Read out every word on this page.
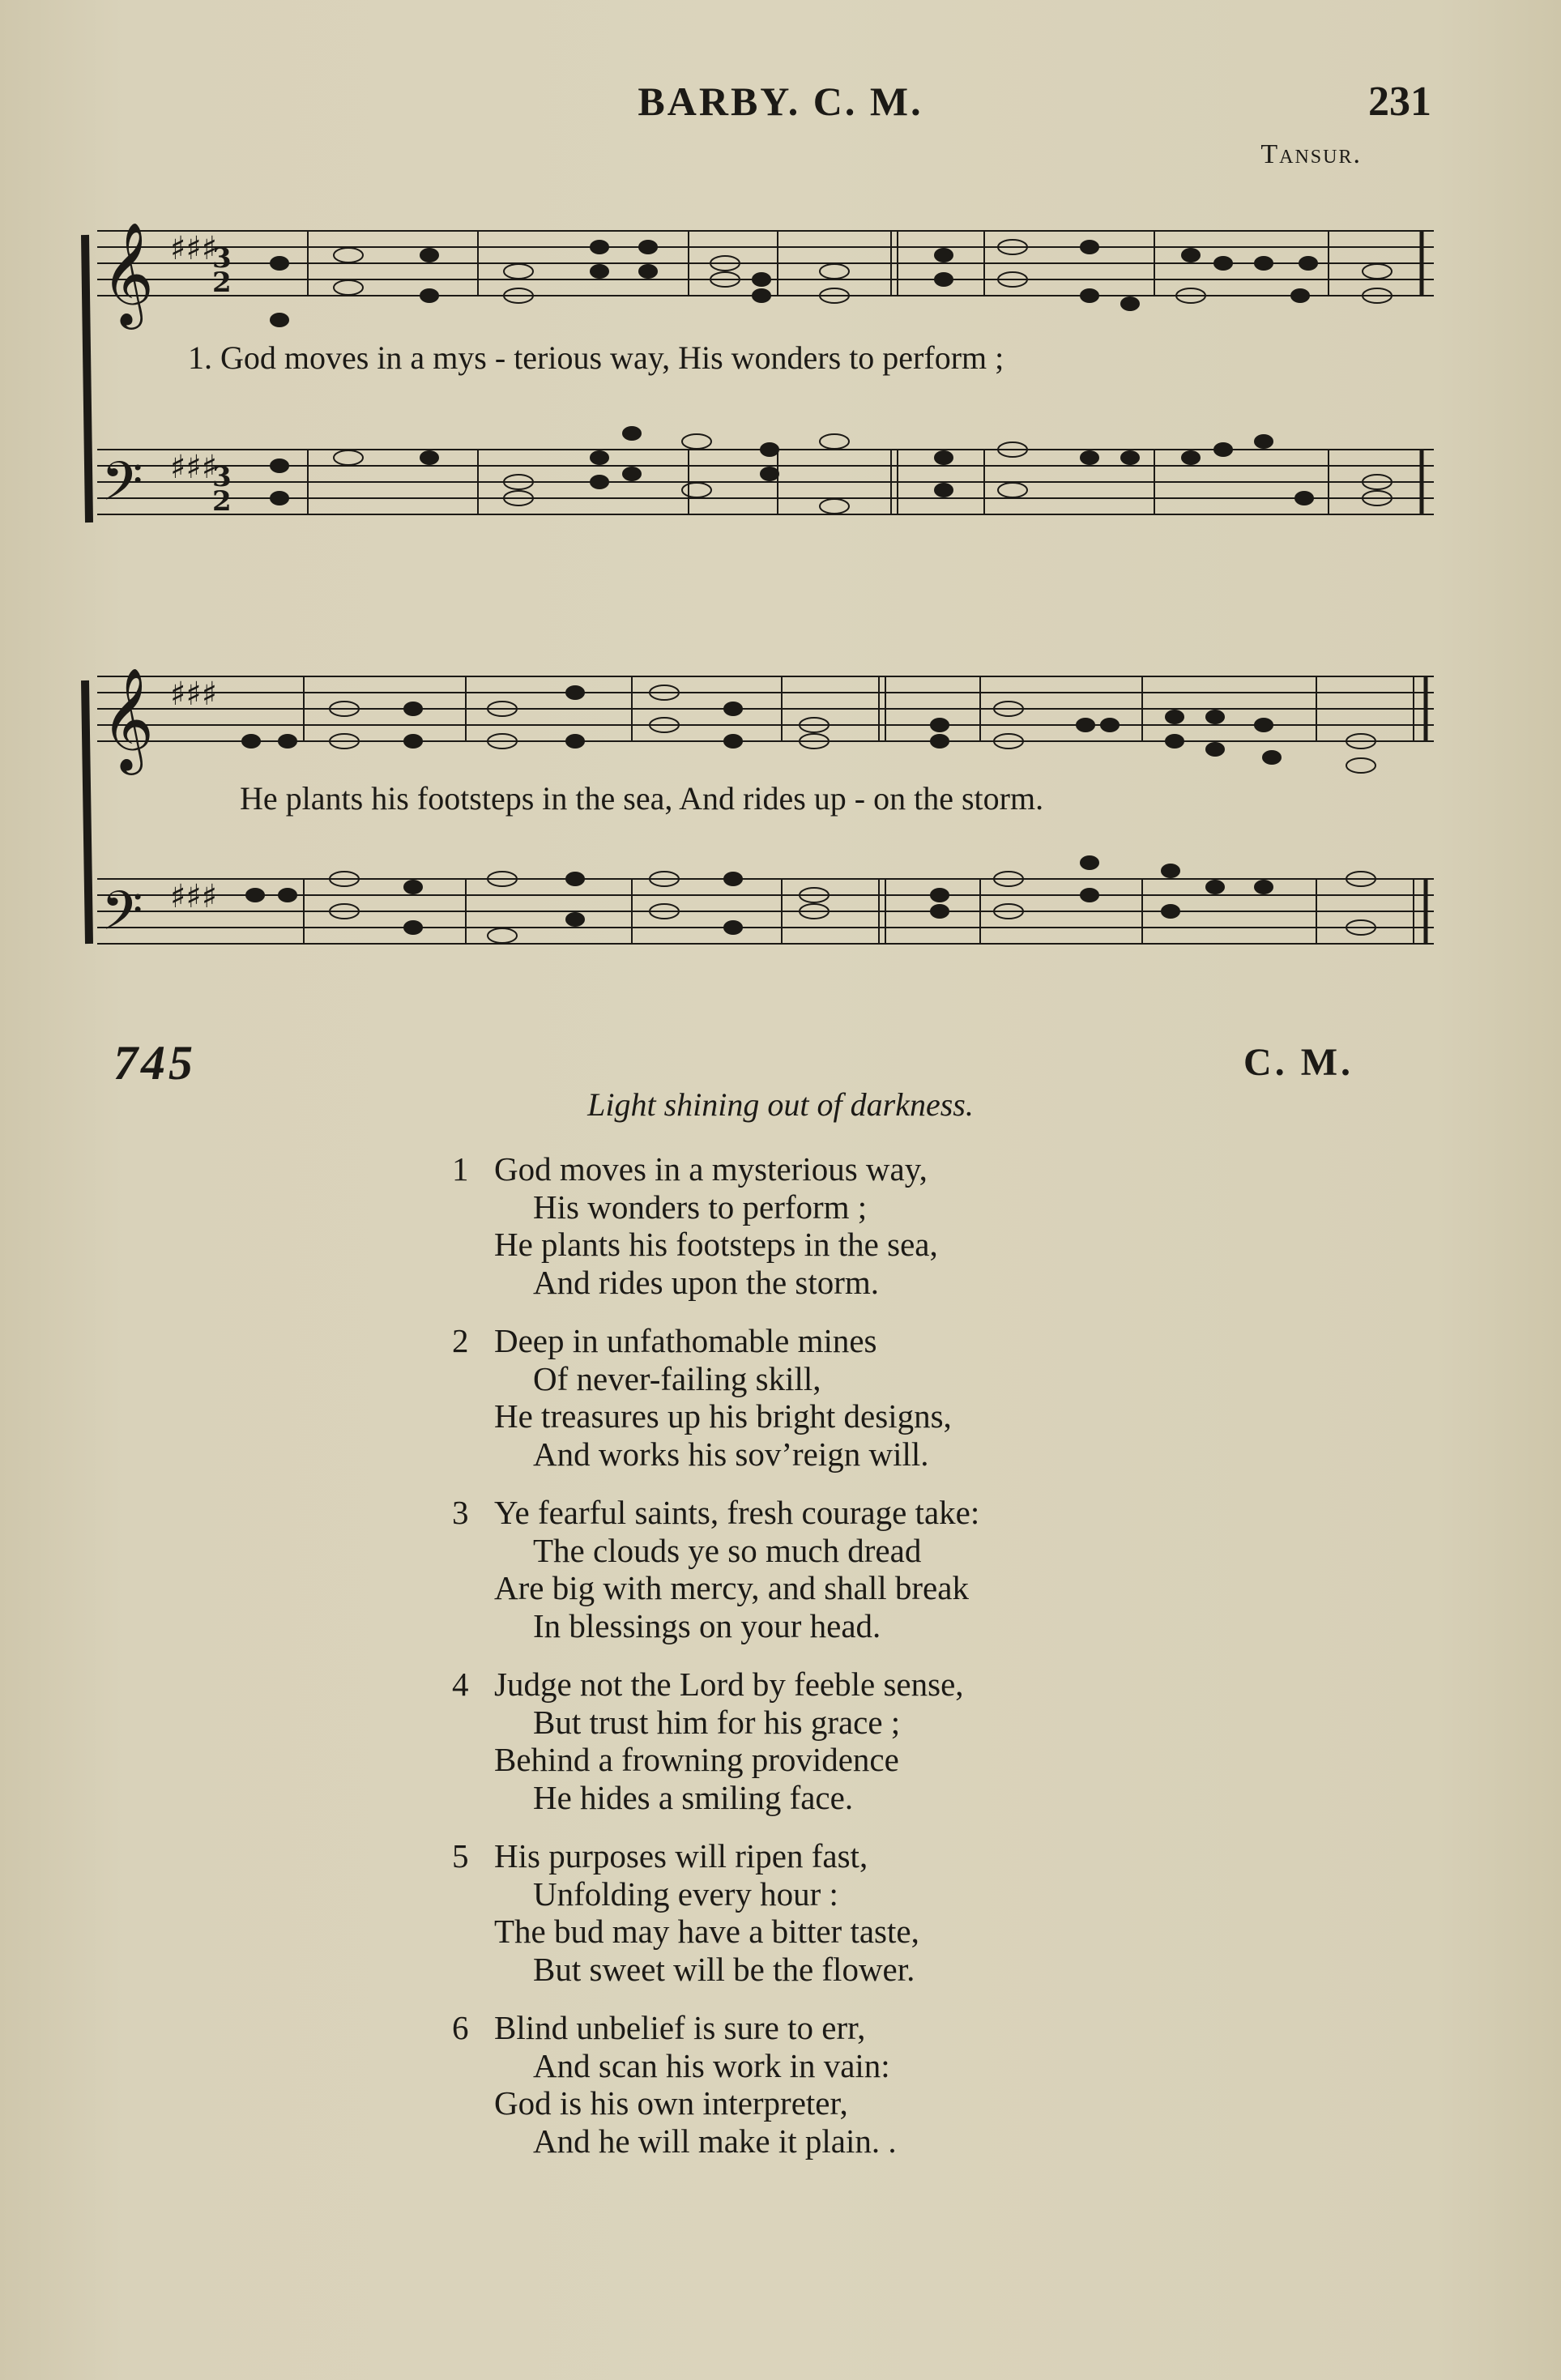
BARBY. C. M.	231
Tansur.
𝄞
𝄢
♯♯♯
♯♯♯
3
2
3
2
𝄞
𝄢
♯♯♯
♯♯♯
1. God moves in a mys - terious way, His wonders to perform ;
He plants his footsteps in the sea, And rides up - on the storm.
745	C. M.
Light shining out of darkness.
1 God moves in a mysterious way,
His wonders to perform ;
He plants his footsteps in the sea,
And rides upon the storm.
2 Deep in unfathomable mines
Of never-failing skill,
He treasures up his bright designs,
And works his sov’reign will.
3 Ye fearful saints, fresh courage take:
The clouds ye so much dread
Are big with mercy, and shall break
In blessings on your head.
4 Judge not the Lord by feeble sense,
But trust him for his grace ;
Behind a frowning providence
He hides a smiling face.
5 His purposes will ripen fast,
Unfolding every hour :
The bud may have a bitter taste,
But sweet will be the flower.
6 Blind unbelief is sure to err,
And scan his work in vain:
God is his own interpreter,
And he will make it plain. .
